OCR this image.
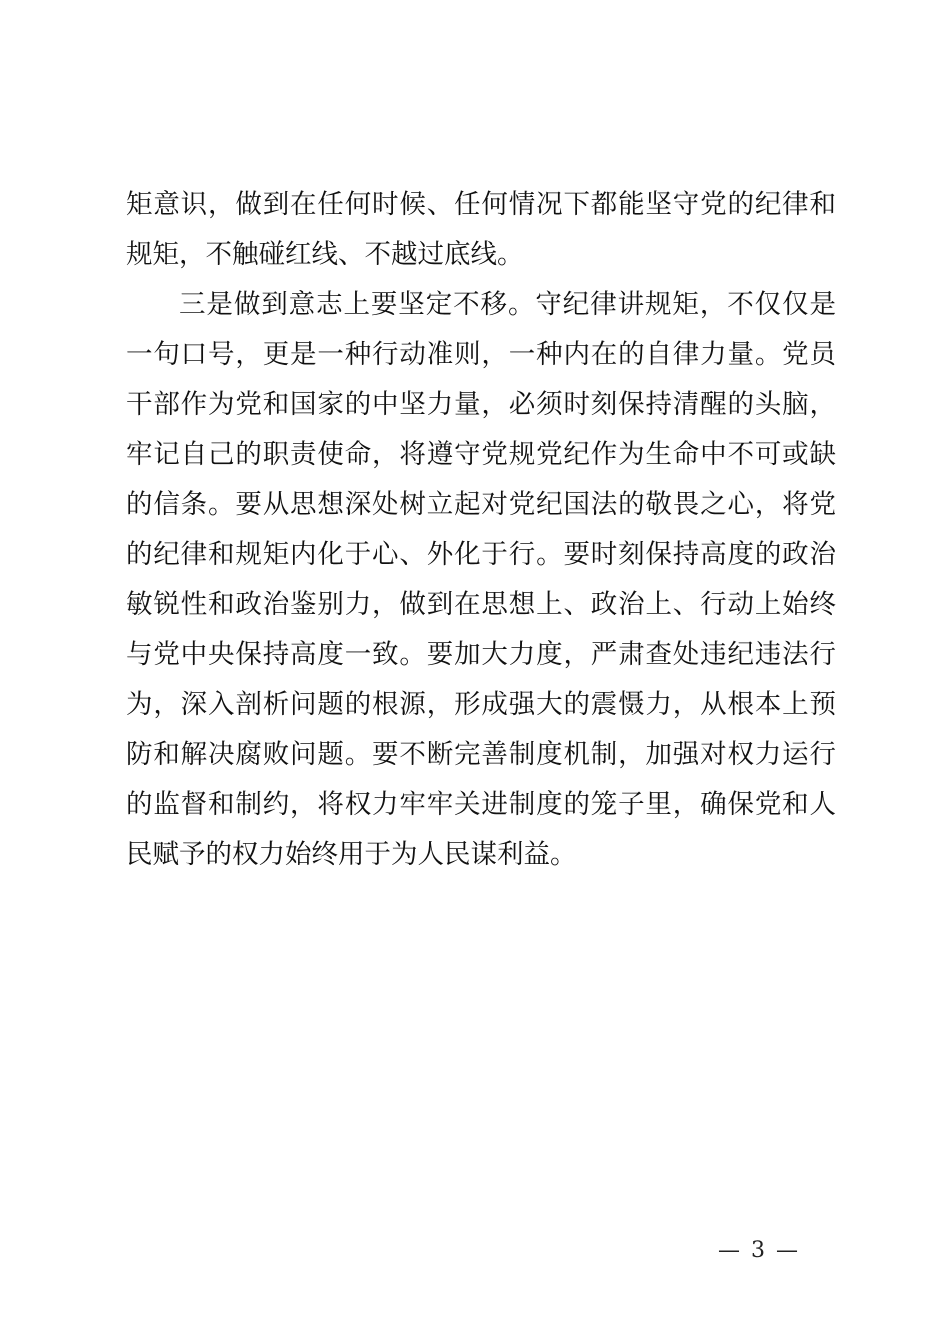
矩意识，做到在任何时候、任何情况下都能坚守党的纪律和规矩，不触碰红线、不越过底线。

三是做到意志上要坚定不移。守纪律讲规矩，不仅仅是一句口号，更是一种行动准则，一种内在的自律力量。党员干部作为党和国家的中坚力量，必须时刻保持清醒的头脑，牢记自己的职责使命，将遵守党规党纪作为生命中不可或缺的信条。要从思想深处树立起对党纪国法的敬畏之心，将党的纪律和规矩内化于心、外化于行。要时刻保持高度的政治敏锐性和政治鉴别力，做到在思想上、政治上、行动上始终与党中央保持高度一致。要加大力度，严肃查处违纪违法行为，深入剖析问题的根源，形成强大的震慑力，从根本上预防和解决腐败问题。要不断完善制度机制，加强对权力运行的监督和制约，将权力牢牢关进制度的笼子里，确保党和人民赋予的权力始终用于为人民谋利益。

— 3 —
